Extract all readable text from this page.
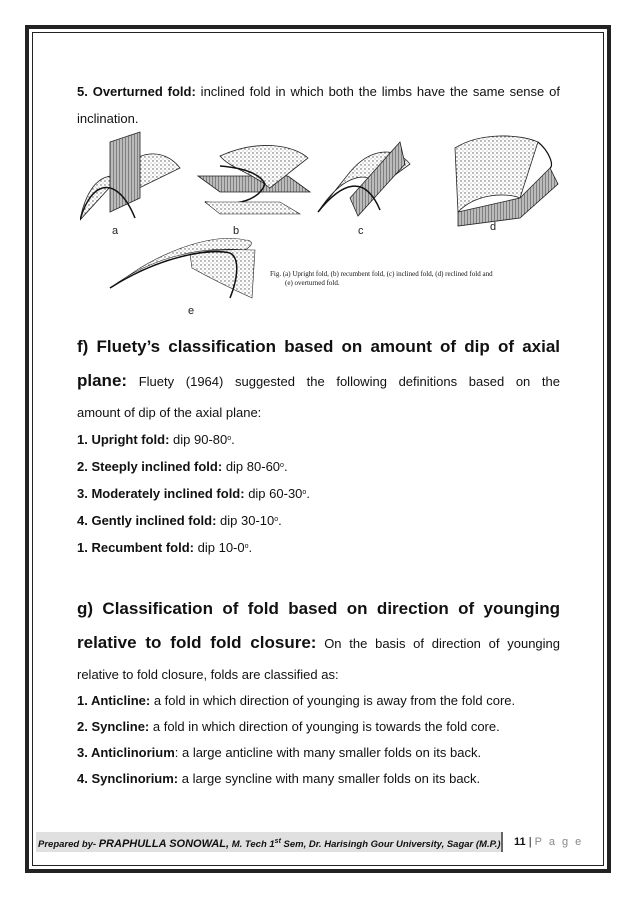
5. Overturned fold: inclined fold in which both the limbs have the same sense of inclination.

a	b	c	d
e
Fig. (a) Upright fold, (b) recumbent fold, (c) inclined fold, (d) reclined fold and
(e) overturned fold.

f) Fluety’s classification based on amount of dip of axial

plane: Fluety (1964) suggested the following definitions based on the

amount of dip of the axial plane:

1. Upright fold: dip 90-80$^o$.

2. Steeply inclined fold: dip 80-60$^o$.

3. Moderately inclined fold: dip 60-30$^o$.

4. Gently inclined fold: dip 30-10$^o$.

1. Recumbent fold: dip 10-0$^o$.

g) Classification of fold based on direction of younging

relative to fold fold closure: On the basis of direction of younging

relative to fold closure, folds are classified as:

1. Anticline: a fold in which direction of younging is away from the fold core.

2. Syncline: a fold in which direction of younging is towards the fold core.

3. Anticlinorium: a large anticline with many smaller folds on its back.

4. Synclinorium: a large syncline with many smaller folds on its back.

Prepared by- PRAPHULLA SONOWAL, M. Tech 1st Sem, Dr. Harisingh Gour University, Sagar (M.P.) 11 | P a g e
